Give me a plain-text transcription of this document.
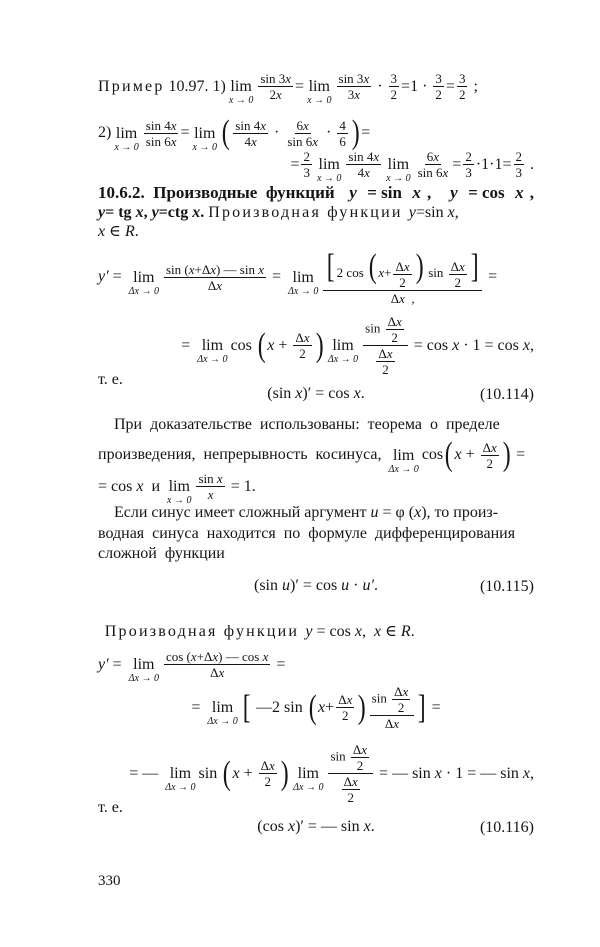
Пример 10.97. 1) lim
$x \to 0 \frac{\sin 3x}{2x} = \lim$
$x \to 0 \frac{\sin 3x}{3x} \cdot \frac{3}{2} =1 \cdot \frac{3}{2} = \frac{3}{2}$ ;
2) lim
$x \to 0 \frac{\sin 4x}{\sin 6x} = \lim$
x → 0 ( $\frac{\sin 4x}{4x} \cdot \frac{6x}{\sin 6x} \cdot \frac{4}{6}$ ) =
= $\frac{2}{3}$ lim
$x \to 0 \frac{\sin 4x}{4x}$ lim
$x \to 0 \frac{6x}{\sin 6x} = \frac{2}{3} \cdot 1\cdot 1= \frac{2}{3}$ .
10.6.2.  Производные  функций y = sin x , y = cos x ,
y = tg x , y =ctg x . Производная функции y =sin x ,
x ∈ R .
y′ = lim
$\Delta x \to 0 \frac{\text{sin (x+Δx) — sin x}}{\Delta x} = \lim$
$\Delta x \to 0 \frac{[ 2 \cos ( x+ \frac{\Delta x}{2} ) \sin \frac{\Delta x}{2} ]}{\Delta x ,}$ =
= lim
Δx → 0
cos ( $x + \frac{\Delta x}{2}$ ) lim
$\Delta x \to 0 \frac{\sin \frac{\Delta x}{2}}{\frac{\Delta x}{2}} = \cos x \cdot 1 = \cos x$ ,
т. е.
(sin x )′ = cos x .	(10.114)
При  доказательстве  использованы:  теорема  о  пределе
произведения,  непрерывность  косинуса, lim
Δx → 0
cos ( $x + \frac{\Delta x}{2}$ ) =
= cos x и lim
$x \to 0 \frac{\text{sin x}}{x} = 1$.
Если синус имеет сложный аргумент u = φ ( x ), то произ-
водная  синуса  находится  по  формуле  дифференцирования
сложной  функции
(sin u )′ = cos u · u′ .	(10.115)
Производная функции y = cos x , x ∈ R .
y′ = lim
$\Delta x \to 0 \frac{\text{cos (x+Δx) — cos x}}{\Delta x}$ =
= lim
Δx → 0 [ —2 sin ( $x + \frac{\Delta x}{2}$ ) $\frac{\sin \frac{\Delta x}{2}}{\Delta x}$ ] =
= — lim
Δx → 0
sin ( $x + \frac{\Delta x}{2}$ ) lim
$\Delta x \to 0 \frac{\sin \frac{\Delta x}{2}}{\frac{\Delta x}{2}}$ = — sin x · 1 = — sin x ,
т. е.
(cos x )′ = — sin x .	(10.116)
330
